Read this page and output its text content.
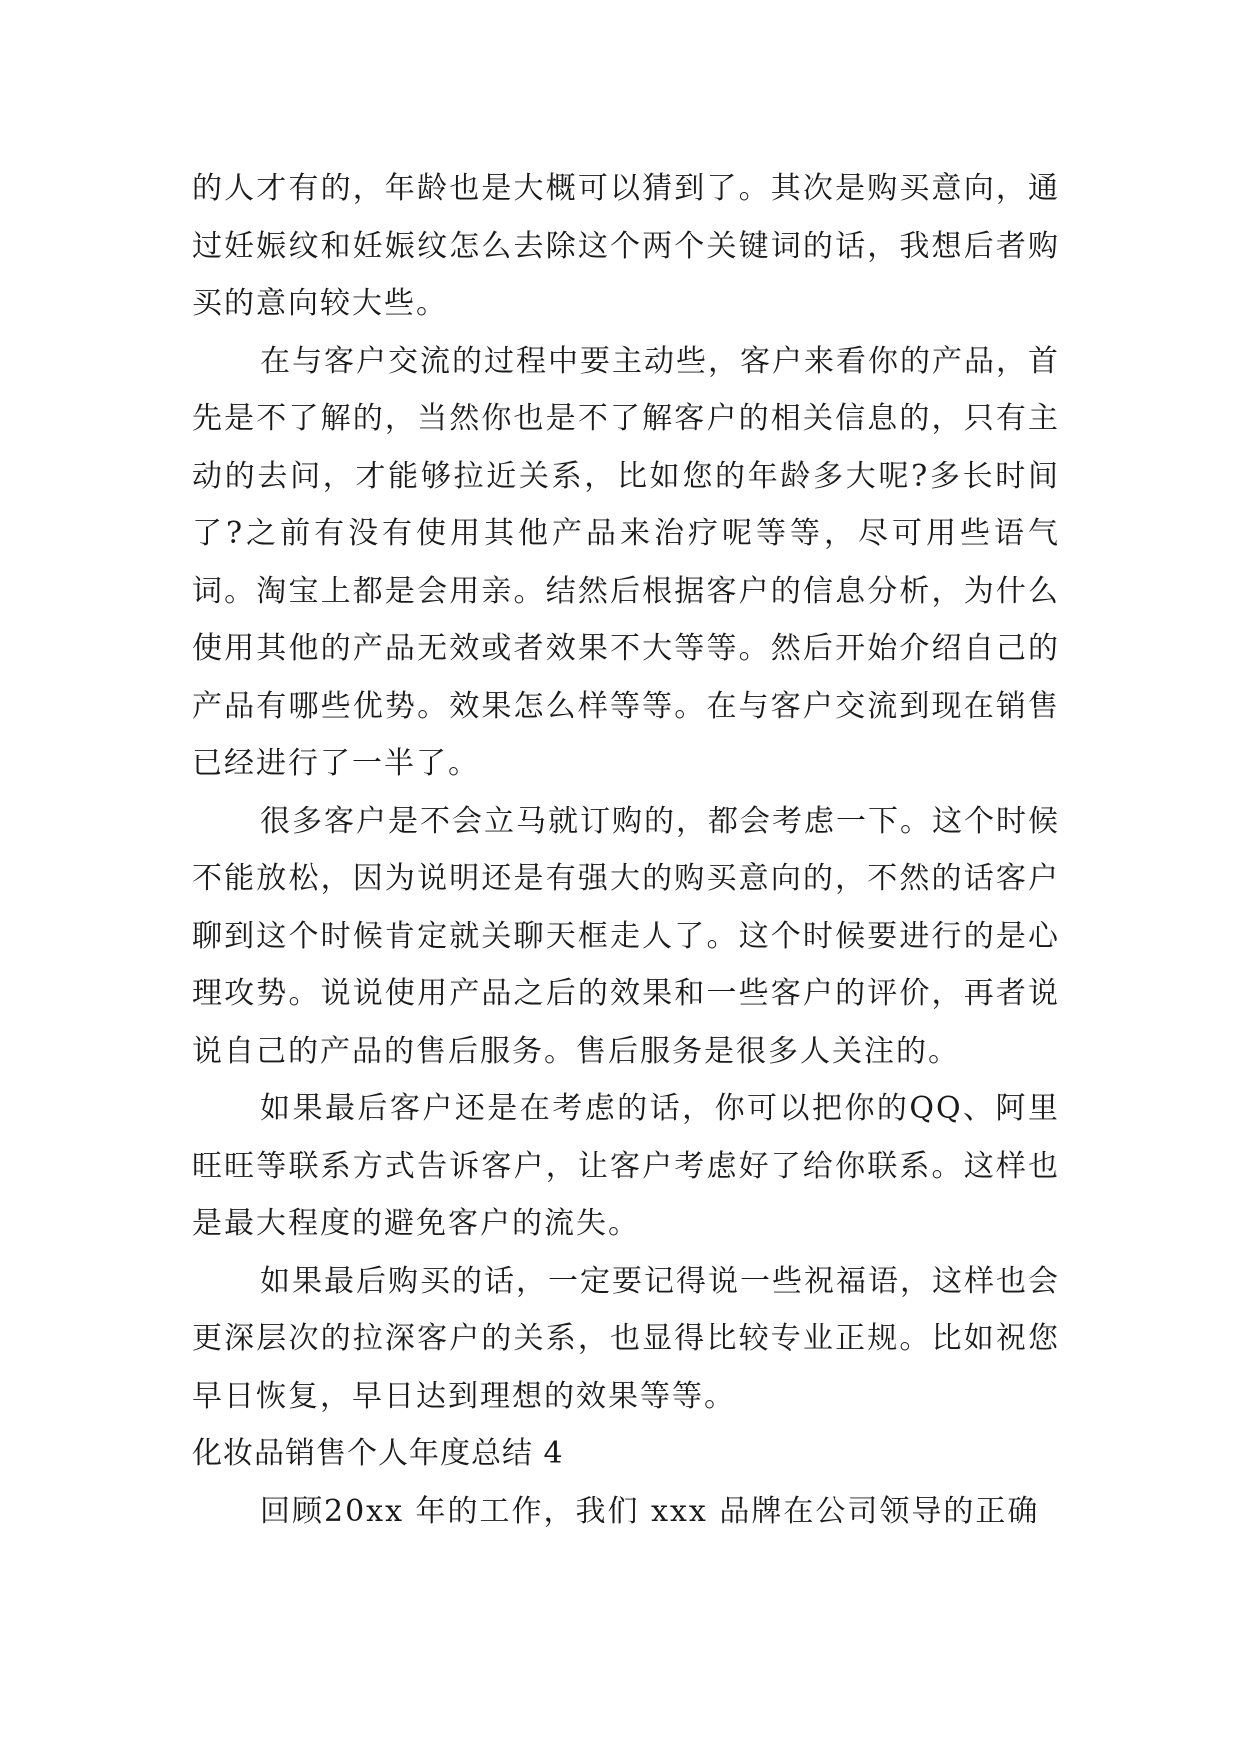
的人才有的，年龄也是大概可以猜到了。其次是购买意向，通过妊娠纹和妊娠纹怎么去除这个两个关键词的话，我想后者购买的意向较大些。

在与客户交流的过程中要主动些，客户来看你的产品，首先是不了解的，当然你也是不了解客户的相关信息的，只有主动的去问，才能够拉近关系，比如您的年龄多大呢?多长时间了?之前有没有使用其他产品来治疗呢等等，尽可用些语气词。淘宝上都是会用亲。结然后根据客户的信息分析，为什么使用其他的产品无效或者效果不大等等。然后开始介绍自己的产品有哪些优势。效果怎么样等等。在与客户交流到现在销售已经进行了一半了。

很多客户是不会立马就订购的，都会考虑一下。这个时候不能放松，因为说明还是有强大的购买意向的，不然的话客户聊到这个时候肯定就关聊天框走人了。这个时候要进行的是心理攻势。说说使用产品之后的效果和一些客户的评价，再者说说自己的产品的售后服务。售后服务是很多人关注的。

如果最后客户还是在考虑的话，你可以把你的QQ、阿里旺旺等联系方式告诉客户，让客户考虑好了给你联系。这样也是最大程度的避免客户的流失。

如果最后购买的话，一定要记得说一些祝福语，这样也会更深层次的拉深客户的关系，也显得比较专业正规。比如祝您早日恢复，早日达到理想的效果等等。

化妆品销售个人年度总结 4

回顾20xx 年的工作，我们 xxx 品牌在公司领导的正确
